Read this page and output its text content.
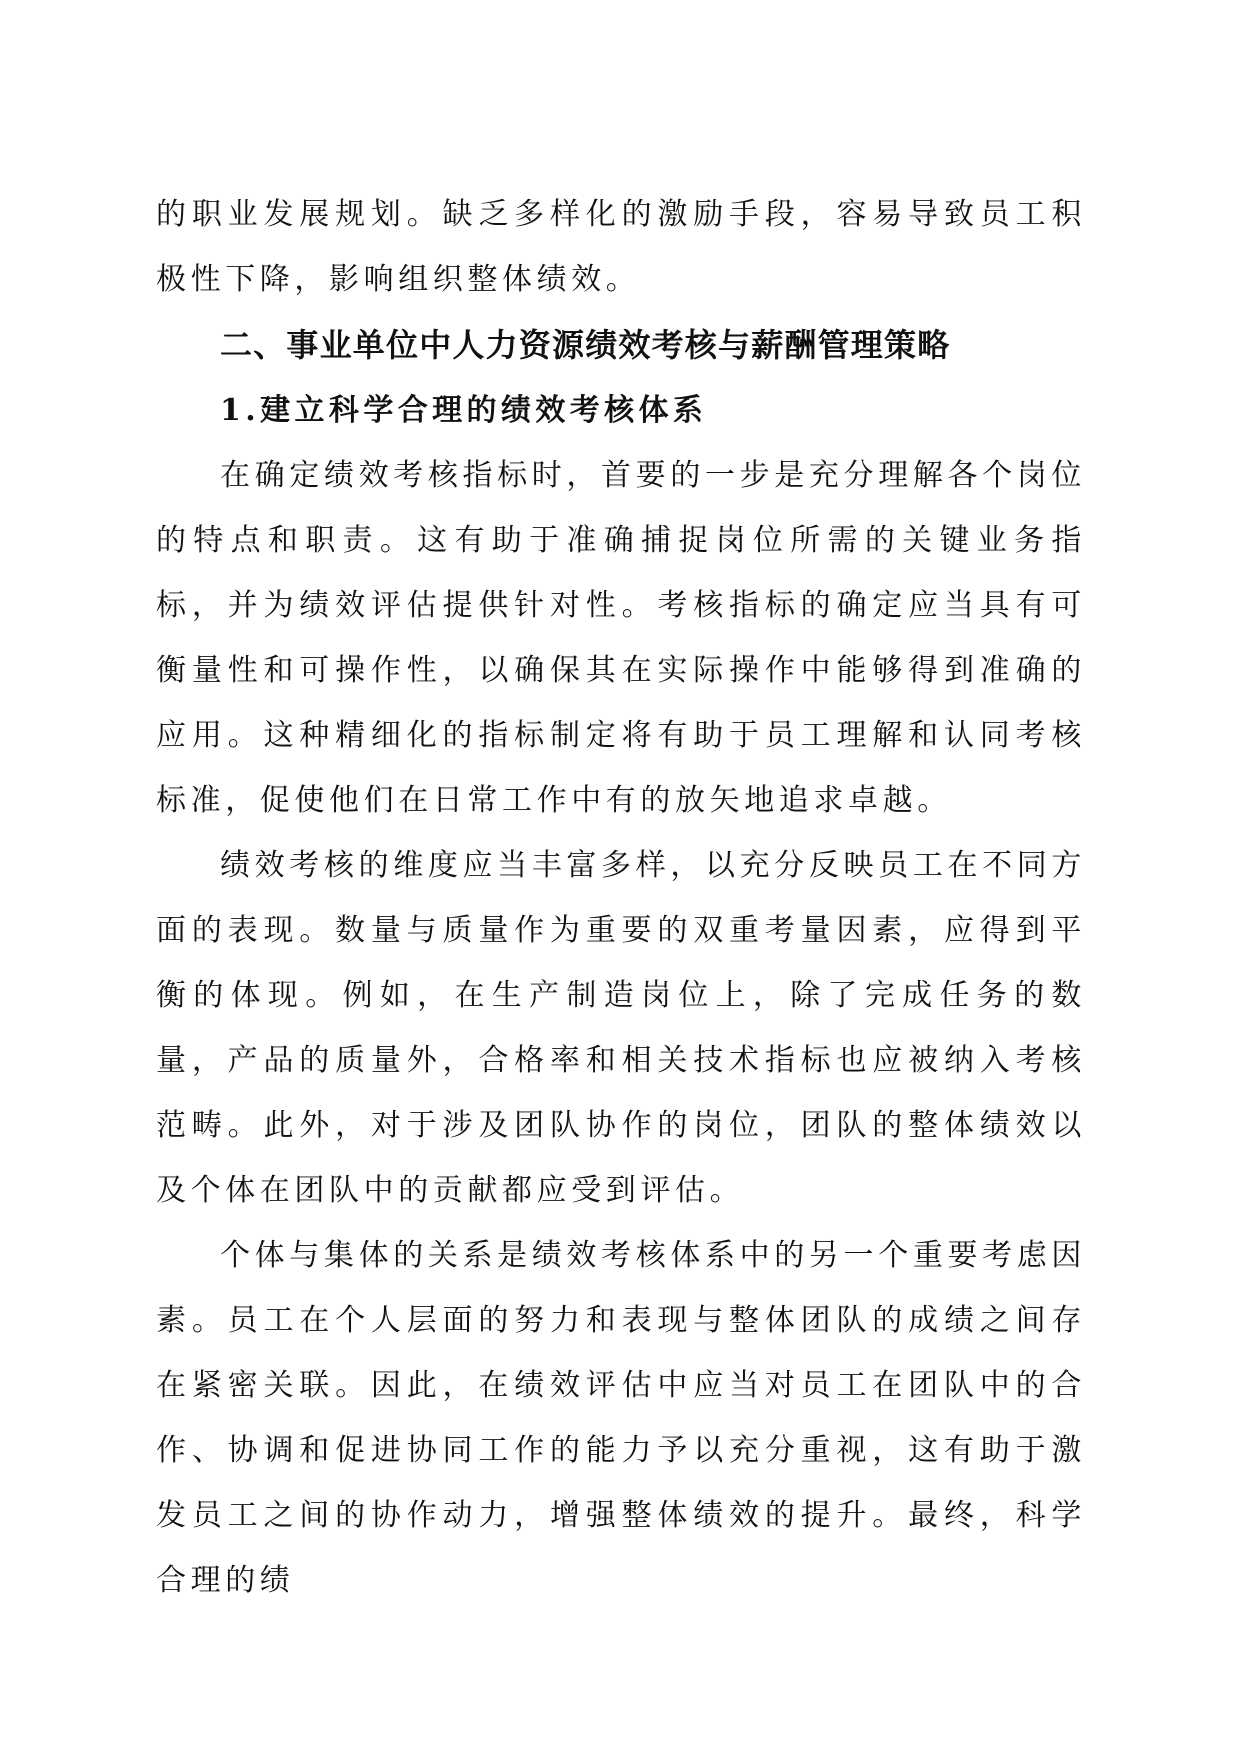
的职业发展规划。缺乏多样化的激励手段，容易导致员工积极性下降，影响组织整体绩效。

二、事业单位中人力资源绩效考核与薪酬管理策略
1.建立科学合理的绩效考核体系

在确定绩效考核指标时，首要的一步是充分理解各个岗位的特点和职责。这有助于准确捕捉岗位所需的关键业务指标，并为绩效评估提供针对性。考核指标的确定应当具有可衡量性和可操作性，以确保其在实际操作中能够得到准确的应用。这种精细化的指标制定将有助于员工理解和认同考核标准，促使他们在日常工作中有的放矢地追求卓越。

绩效考核的维度应当丰富多样，以充分反映员工在不同方面的表现。数量与质量作为重要的双重考量因素，应得到平衡的体现。例如，在生产制造岗位上，除了完成任务的数量，产品的质量外，合格率和相关技术指标也应被纳入考核范畴。此外，对于涉及团队协作的岗位，团队的整体绩效以及个体在团队中的贡献都应受到评估。

个体与集体的关系是绩效考核体系中的另一个重要考虑因素。员工在个人层面的努力和表现与整体团队的成绩之间存在紧密关联。因此，在绩效评估中应当对员工在团队中的合作、协调和促进协同工作的能力予以充分重视，这有助于激发员工之间的协作动力，增强整体绩效的提升。最终，科学合理的绩
